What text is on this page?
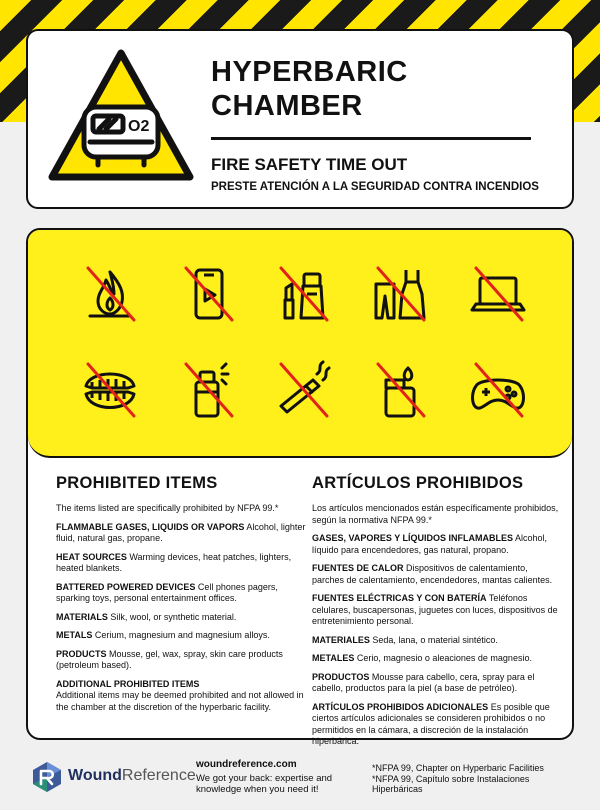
O2
HYPERBARIC
CHAMBER
FIRE SAFETY TIME OUT
PRESTE ATENCIÓN A LA SEGURIDAD CONTRA INCENDIOS
PROHIBITED ITEMS

The items listed are specifically prohibited by NFPA 99.*

FLAMMABLE GASES, LIQUIDS OR VAPORS Alcohol, lighter fluid, natural gas, propane.

HEAT SOURCES Warming devices, heat patches, lighters, heated blankets.

BATTERED POWERED DEVICES Cell phones pagers, sparking toys, personal entertainment offices.

MATERIALS Silk, wool, or synthetic material.

METALS Cerium, magnesium and magnesium alloys.

PRODUCTS Mousse, gel, wax, spray, skin care products (petroleum based).

ADDITIONAL PROHIBITED ITEMS

Additional items may be deemed prohibited and not allowed in the chamber at the discretion of the hyperbaric facility.

ARTÍCULOS PROHIBIDOS

Los artículos mencionados están específicamente prohibidos, según la normativa NFPA 99.*

GASES, VAPORES Y LÍQUIDOS INFLAMABLES Alcohol, líquido para encendedores, gas natural, propano.

FUENTES DE CALOR Dispositivos de calentamiento, parches de calentamiento, encendedores, mantas calientes.

FUENTES ELÉCTRICAS Y CON BATERÍA Teléfonos celulares, buscapersonas, juguetes con luces, dispositivos de entretenimiento personal.

MATERIALES Seda, lana, o material sintético.

METALES Cerio, magnesio o aleaciones de magnesio.

PRODUCTOS Mousse para cabello, cera, spray para el cabello, productos para la piel (a base de petróleo).

ARTÍCULOS PROHIBIDOS ADICIONALES Es posible que ciertos artículos adicionales se consideren prohibidos o no permitidos en la cámara, a discreción de la instalación hiperbárica.

WoundReference
woundreference.com
We got your back: expertise and knowledge when you need it!
*NFPA 99, Chapter on Hyperbaric Facilities
*NFPA 99, Capítulo sobre Instalaciones Hiperbáricas
